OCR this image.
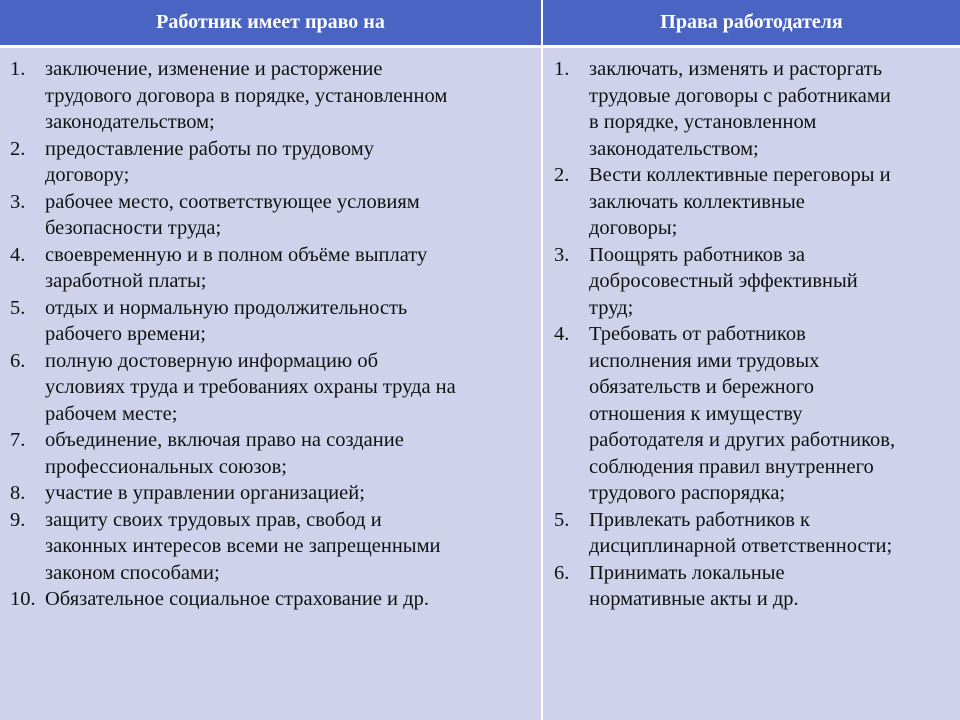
Работник имеет право на	Права работодателя
1. заключение, изменение и расторжение
трудового договора в порядке, установленном
законодательством;
2. предоставление работы по трудовому
договору;
3. рабочее место, соответствующее условиям
безопасности труда;
4. своевременную и в полном объёме выплату
заработной платы;
5. отдых и нормальную продолжительность
рабочего времени;
6. полную достоверную информацию об
условиях труда и требованиях охраны труда на
рабочем месте;
7. объединение, включая право на создание
профессиональных союзов;
8. участие в управлении организацией;
9. защиту своих трудовых прав, свобод и
законных интересов всеми не запрещенными
законом способами;
10. Обязательное социальное страхование и др.
1. заключать, изменять и расторгать
трудовые договоры с работниками
в порядке, установленном
законодательством;
2. Вести коллективные переговоры и
заключать коллективные
договоры;
3. Поощрять работников за
добросовестный эффективный
труд;
4. Требовать от работников
исполнения ими трудовых
обязательств и бережного
отношения к имуществу
работодателя и других работников,
соблюдения правил внутреннего
трудового распорядка;
5. Привлекать работников к
дисциплинарной ответственности;
6. Принимать локальные
нормативные акты и др.
